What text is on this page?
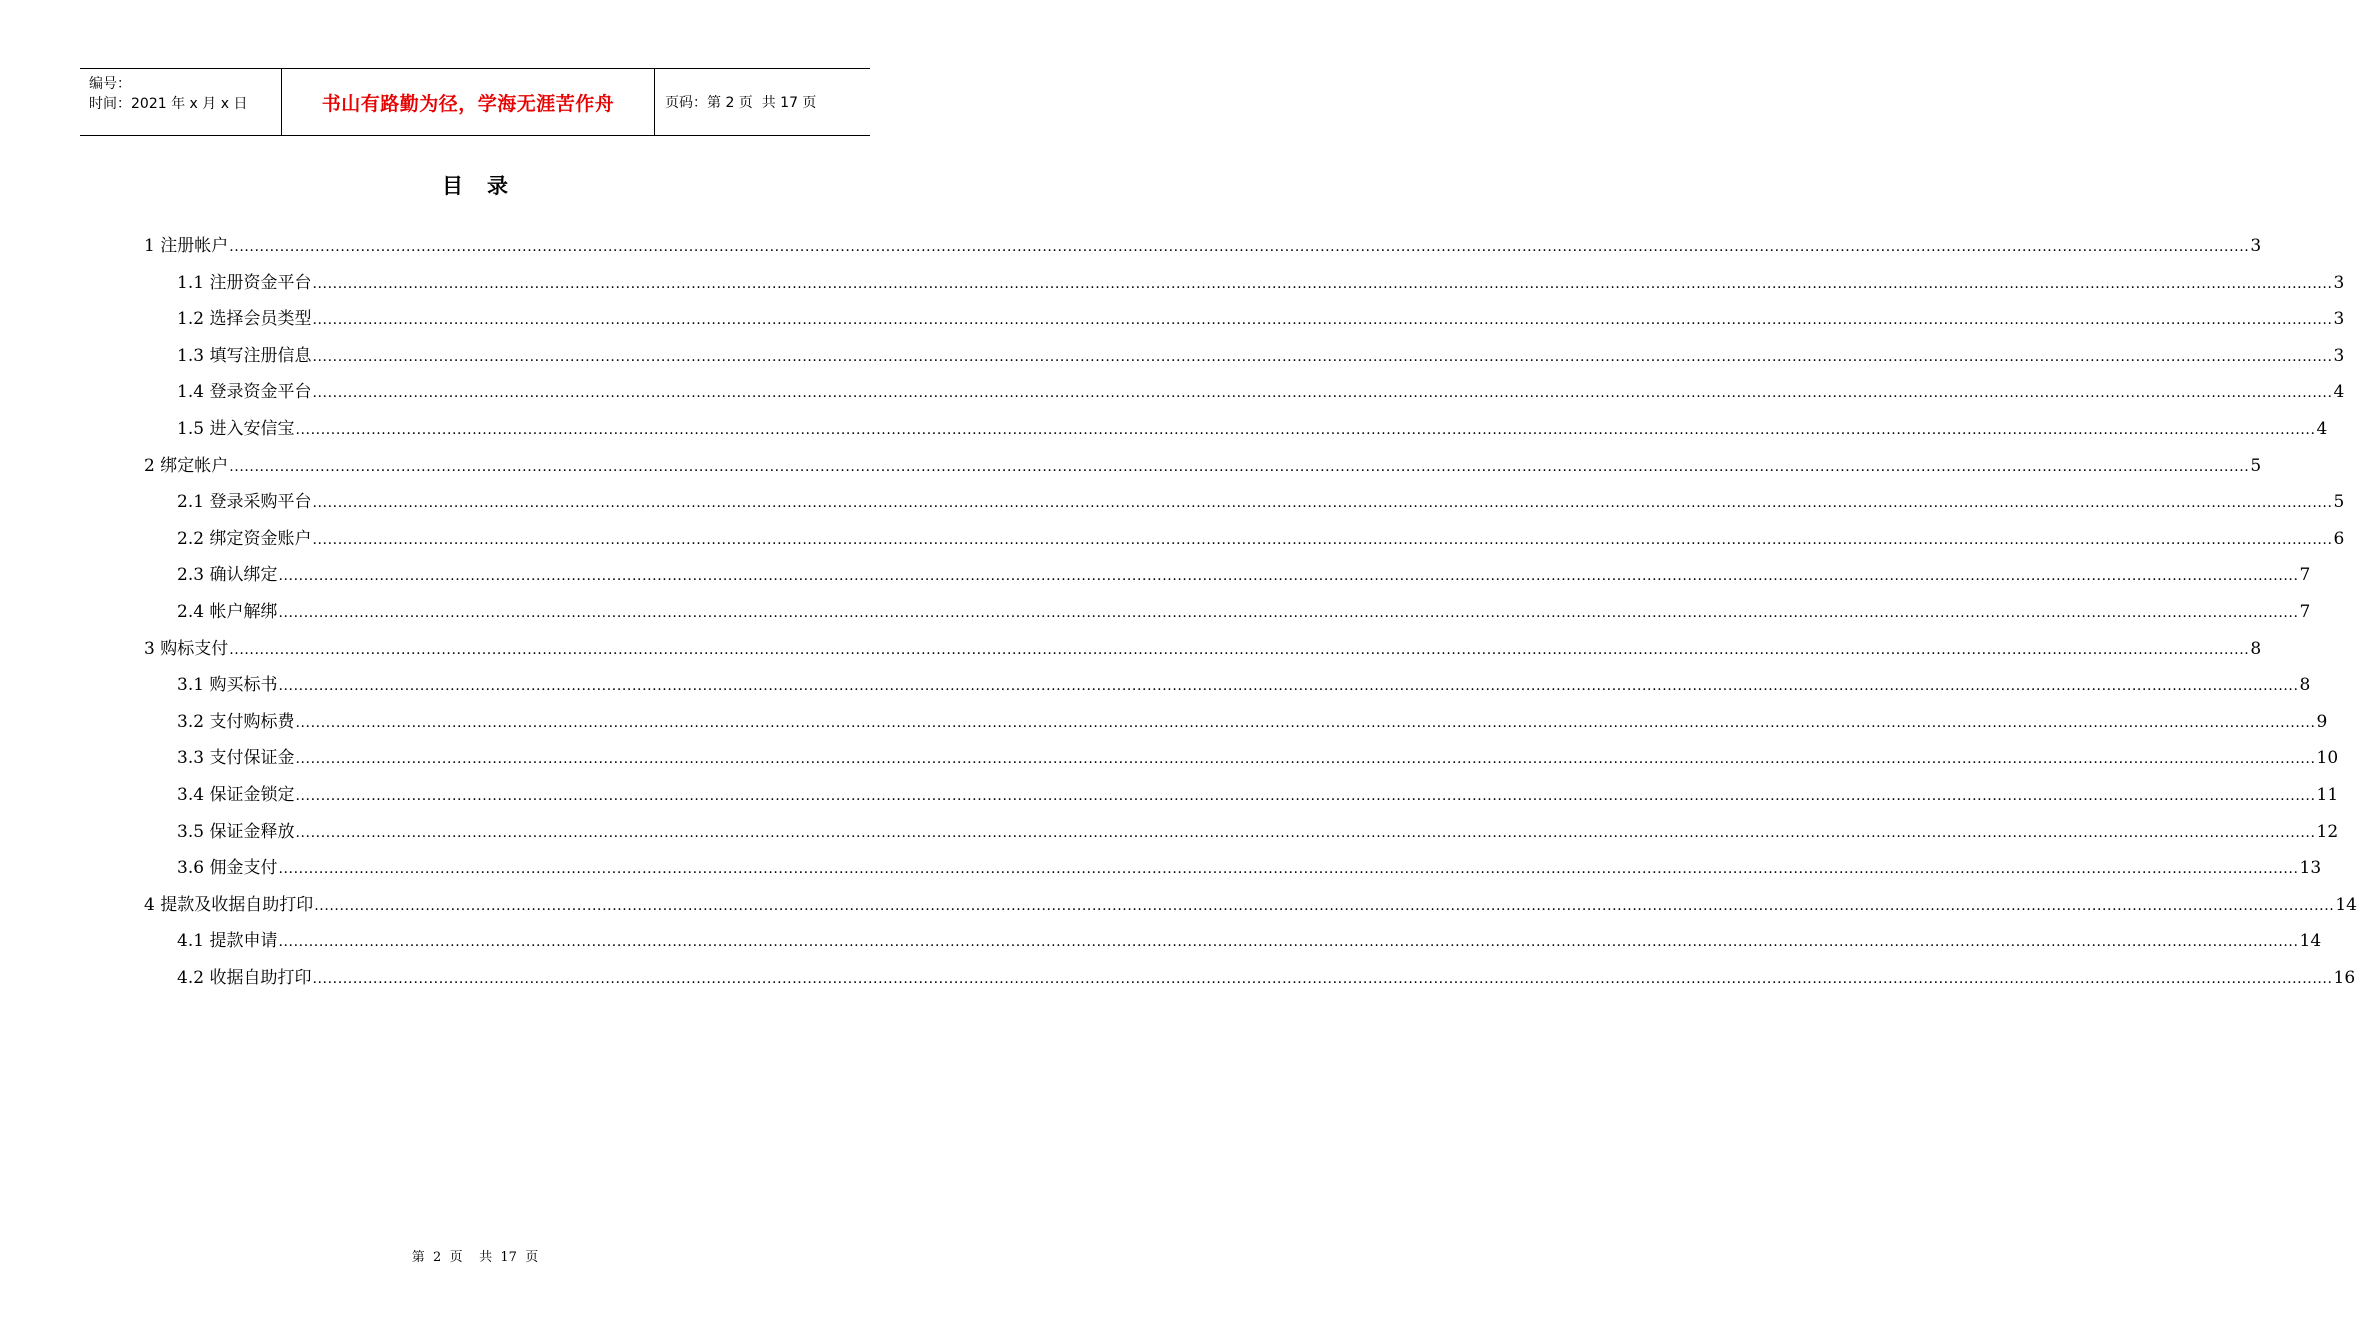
编号：
时间：2021 年 x 月 x 日	书山有路勤为径，学海无涯苦作舟	页码：第 2 页  共 17 页
目 录
1 注册帐户 ................................................................................................................................................................................................................................................................................................................................................................................................................ 3
1.1 注册资金平台 ................................................................................................................................................................................................................................................................................................................................................................................................................ 3
1.2 选择会员类型 ................................................................................................................................................................................................................................................................................................................................................................................................................ 3
1.3 填写注册信息 ................................................................................................................................................................................................................................................................................................................................................................................................................ 3
1.4 登录资金平台 ................................................................................................................................................................................................................................................................................................................................................................................................................ 4
1.5 进入安信宝 ................................................................................................................................................................................................................................................................................................................................................................................................................ 4
2 绑定帐户 ................................................................................................................................................................................................................................................................................................................................................................................................................ 5
2.1 登录采购平台 ................................................................................................................................................................................................................................................................................................................................................................................................................ 5
2.2 绑定资金账户 ................................................................................................................................................................................................................................................................................................................................................................................................................ 6
2.3 确认绑定 ................................................................................................................................................................................................................................................................................................................................................................................................................ 7
2.4 帐户解绑 ................................................................................................................................................................................................................................................................................................................................................................................................................ 7
3 购标支付 ................................................................................................................................................................................................................................................................................................................................................................................................................ 8
3.1 购买标书 ................................................................................................................................................................................................................................................................................................................................................................................................................ 8
3.2 支付购标费 ................................................................................................................................................................................................................................................................................................................................................................................................................ 9
3.3 支付保证金 ................................................................................................................................................................................................................................................................................................................................................................................................................ 10
3.4 保证金锁定 ................................................................................................................................................................................................................................................................................................................................................................................................................ 11
3.5 保证金释放 ................................................................................................................................................................................................................................................................................................................................................................................................................ 12
3.6 佣金支付 ................................................................................................................................................................................................................................................................................................................................................................................................................ 13
4 提款及收据自助打印 ................................................................................................................................................................................................................................................................................................................................................................................................................ 14
4.1 提款申请 ................................................................................................................................................................................................................................................................................................................................................................................................................ 14
4.2 收据自助打印 ................................................................................................................................................................................................................................................................................................................................................................................................................ 16
第  2  页    共  17  页
